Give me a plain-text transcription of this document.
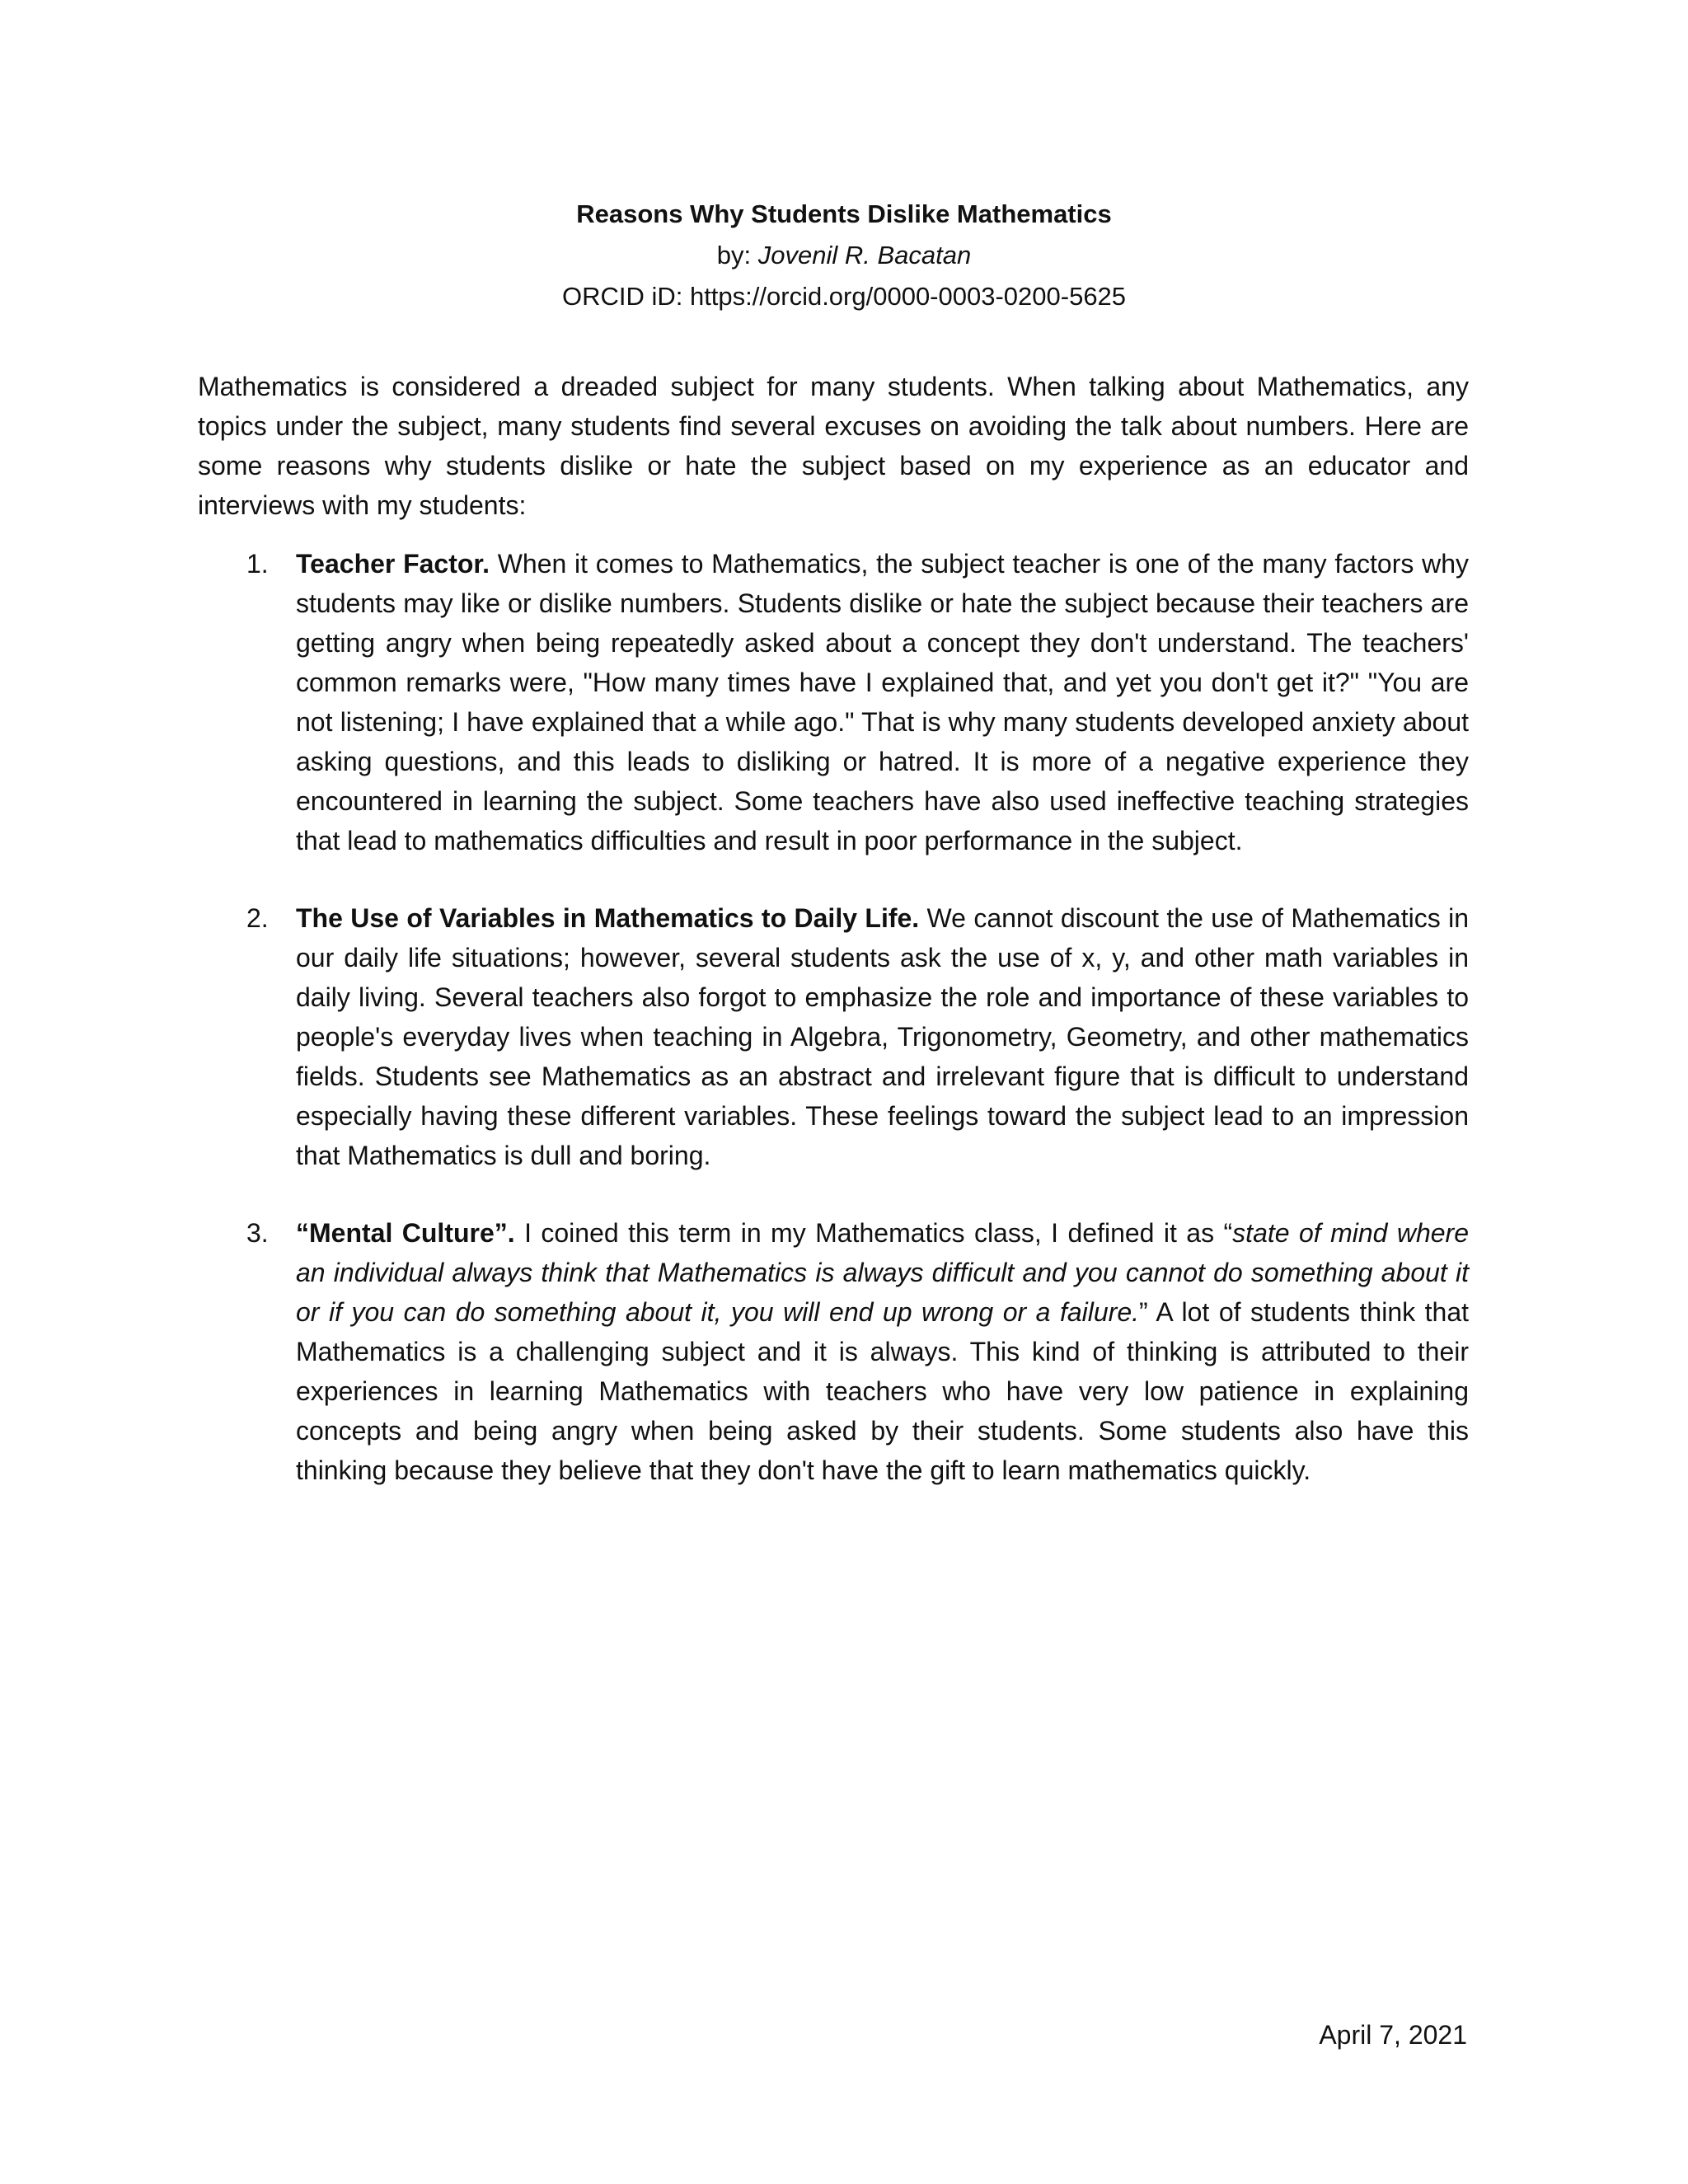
Reasons Why Students Dislike Mathematics
by: Jovenil R. Bacatan
ORCID iD: https://orcid.org/0000-0003-0200-5625

Mathematics is considered a dreaded subject for many students. When talking about Mathematics, any topics under the subject, many students find several excuses on avoiding the talk about numbers. Here are some reasons why students dislike or hate the subject based on my experience as an educator and interviews with my students:

1. Teacher Factor. When it comes to Mathematics, the subject teacher is one of the many factors why students may like or dislike numbers. Students dislike or hate the subject because their teachers are getting angry when being repeatedly asked about a concept they don't understand. The teachers' common remarks were, "How many times have I explained that, and yet you don't get it?" "You are not listening; I have explained that a while ago." That is why many students developed anxiety about asking questions, and this leads to disliking or hatred. It is more of a negative experience they encountered in learning the subject. Some teachers have also used ineffective teaching strategies that lead to mathematics difficulties and result in poor performance in the subject.
2. The Use of Variables in Mathematics to Daily Life. We cannot discount the use of Mathematics in our daily life situations; however, several students ask the use of x, y, and other math variables in daily living. Several teachers also forgot to emphasize the role and importance of these variables to people's everyday lives when teaching in Algebra, Trigonometry, Geometry, and other mathematics fields. Students see Mathematics as an abstract and irrelevant figure that is difficult to understand especially having these different variables. These feelings toward the subject lead to an impression that Mathematics is dull and boring.
3. “Mental Culture”. I coined this term in my Mathematics class, I defined it as “state of mind where an individual always think that Mathematics is always difficult and you cannot do something about it or if you can do something about it, you will end up wrong or a failure.” A lot of students think that Mathematics is a challenging subject and it is always. This kind of thinking is attributed to their experiences in learning Mathematics with teachers who have very low patience in explaining concepts and being angry when being asked by their students. Some students also have this thinking because they believe that they don't have the gift to learn mathematics quickly.
April 7, 2021
